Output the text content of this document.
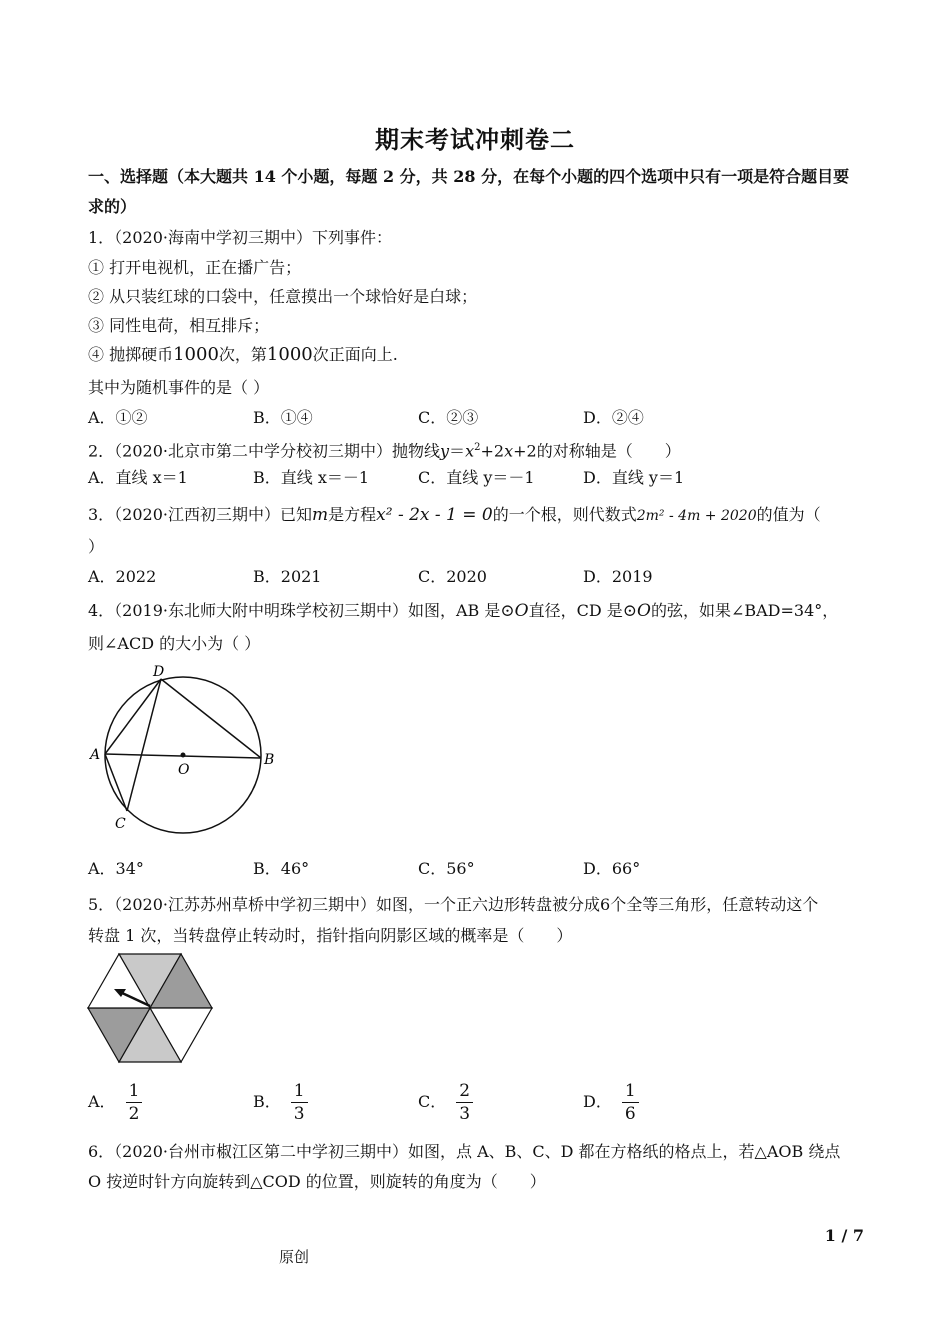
期末考试冲刺卷二
一、选择题（本大题共 14 个小题，每题 2 分，共 28 分，在每个小题的四个选项中只有一项是符合题目要
求的）
1．（2020·海南中学初三期中）下列事件：
① 打开电视机，正在播广告；
② 从只装红球的口袋中，任意摸出一个球恰好是白球；
③ 同性电荷，相互排斥；
④ 抛掷硬币1000次，第1000次正面向上.
其中为随机事件的是（ ）
A．①②	B．①④	C．②③	D．②④
2．（2020·北京市第二中学分校初三期中）抛物线$y=x^2+2x+2$的对称轴是（　　）
A．直线 x＝1	B．直线 x＝－1	C．直线 y＝－1	D．直线 y＝1
3．（2020·江西初三期中）已知m是方程x² - 2x - 1 = 0的一个根，则代数式2m² - 4m + 2020的值为（
）
A．2022	B．2021	C．2020	D．2019
4．（2019·东北师大附中明珠学校初三期中）如图，AB 是⊙O直径，CD 是⊙O的弦，如果∠BAD=34°，
则∠ACD 的大小为（ ）
D
A
O
B
C
A．34°	B．46°	C．56°	D．66°
5．（2020·江苏苏州草桥中学初三期中）如图，一个正六边形转盘被分成6个全等三角形，任意转动这个
转盘 1 次，当转盘停止转动时，指针指向阴影区域的概率是（　　）
A． $\frac{1}{2}$	B． $\frac{1}{3}$	C． $\frac{2}{3}$	D． $\frac{1}{6}$
6．（2020·台州市椒江区第二中学初三期中）如图，点 A、B、C、D 都在方格纸的格点上，若△AOB 绕点
O 按逆时针方向旋转到△COD 的位置，则旋转的角度为（　　）
1 / 7
原创
